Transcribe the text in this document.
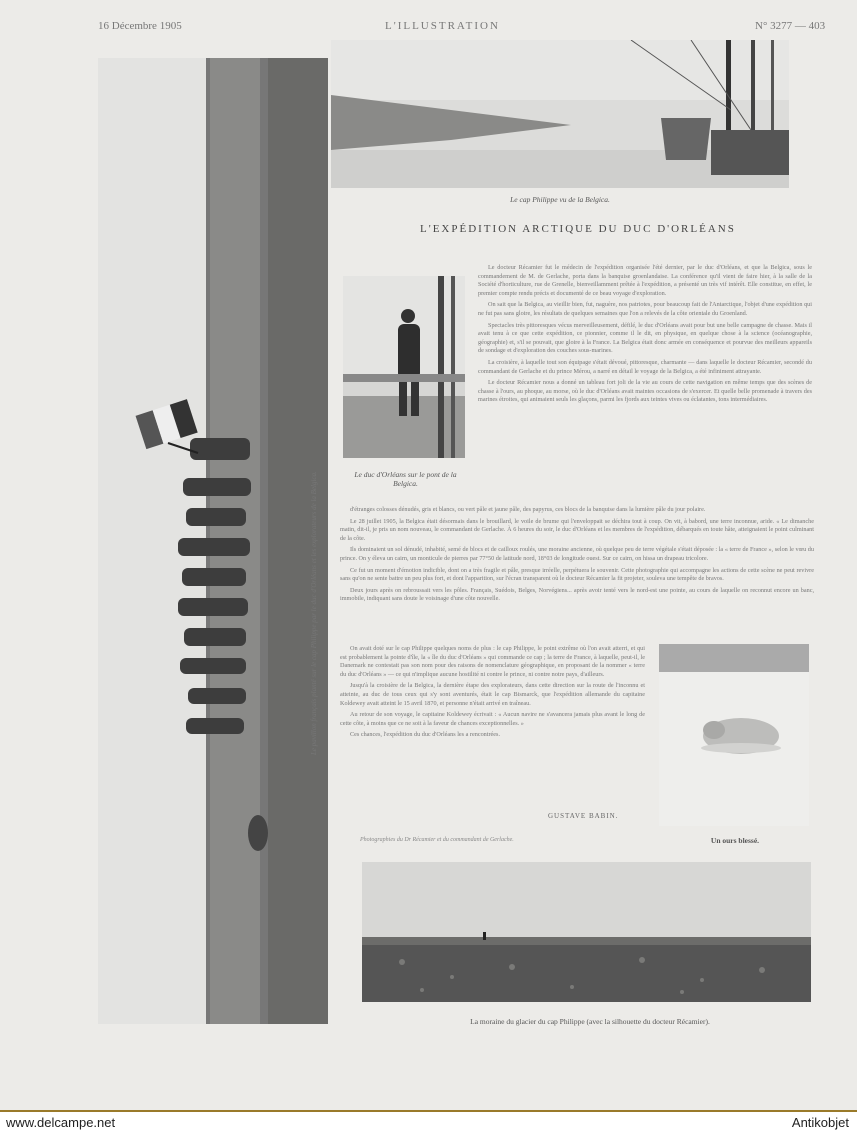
16 Décembre 1905	L'ILLUSTRATION	N° 3277 — 403
Le pavillon français planté sur le cap Philippe par le duc d'Orléans et les explorateurs de la Belgica.
Le cap Philippe vu de la Belgica.
L'EXPÉDITION ARCTIQUE DU DUC D'ORLÉANS
Le duc d'Orléans sur le pont de la Belgica.

Le docteur Récamier fut le médecin de l'expédition organisée l'été dernier, par le duc d'Orléans, et que la Belgica, sous le commandement de M. de Gerlache, porta dans la banquise groenlandaise. La conférence qu'il vient de faire hier, à la salle de la Société d'horticulture, rue de Grenelle, bienveillamment prêtée à l'expédition, a présenté un très vif intérêt. Elle constitue, en effet, le premier compte rendu précis et documenté de ce beau voyage d'exploration.

On sait que la Belgica, au vieillir bien, fut, naguère, nos patriotes, pour beaucoup fait de l'Antarctique, l'objet d'une expédition qui ne fut pas sans gloire, les résultats de quelques semaines que l'on a relevés de la côte orientale du Groenland.

Spectacles très pittoresques vécus merveilleusement, défilé, le duc d'Orléans avait pour but une belle campagne de chasse. Mais il avait tenu à ce que cette expédition, ce pionnier, comme il le dit, en physique, en quelque chose à la science (océanographie, géographie) et, s'il se pouvait, que gloire à la France. La Belgica était donc armée en conséquence et pourvue des meilleurs appareils de sondage et d'exploration des couches sous-marines.

La croisière, à laquelle tout son équipage s'était dévoué, pittoresque, charmante — dans laquelle le docteur Récamier, secondé du commandant de Gerlache et du prince Mérou, a narré en détail le voyage de la Belgica, a été infiniment attrayante.

Le docteur Récamier nous a donné un tableau fort joli de la vie au cours de cette navigation en même temps que des scènes de chasse à l'ours, au phoque, au morse, où le duc d'Orléans avait maintes occasions de s'exercer. Et quelle belle promenade à travers des marines étroites, qui animaient seuls les glaçons, parmi les fjords aux teintes vives ou éclatantes, tons intermédiaires.

d'étranges colosses dénudés, gris et blancs, ou vert pâle et jaune pâle, des papyrus, ces blocs de la banquise dans la lumière pâle du jour polaire.

Le 28 juillet 1905, la Belgica était désormais dans le brouillard, le voile de brume qui l'enveloppait se déchira tout à coup. On vit, à babord, une terre inconnue, aride. « Le dimanche matin, dit-il, je pris un nom nouveau, le commandant de Gerlache. À 6 heures du soir, le duc d'Orléans et les membres de l'expédition, débarqués en toute hâte, atteignaient le point culminant de la côte.

Ils dominaient un sol dénudé, inhabité, semé de blocs et de cailloux roulés, une moraine ancienne, où quelque peu de terre végétale s'était déposée : la « terre de France », selon le vœu du prince. On y éleva un cairn, un monticule de pierres par 77°50 de latitude nord, 18°03 de longitude ouest. Sur ce cairn, on hissa un drapeau tricolore.

Ce fut un moment d'émotion indicible, dont on a très fragile et pâle, presque irréelle, perpétuera le souvenir. Cette photographie qui accompagne les actions de cette scène ne peut revivre sans qu'on ne sente battre un peu plus fort, et dont l'apparition, sur l'écran transparent où le docteur Récamier la fit projeter, souleva une tempête de bravos.

Deux jours après on rebroussait vers les pôles. Français, Suédois, Belges, Norvégiens... après avoir tenté vers le nord-est une pointe, au cours de laquelle on reconnut encore un banc, immobile, indiquant sans doute le voisinage d'une côte nouvelle.

On avait doté sur le cap Philippe quelques noms de plus : le cap Philippe, le point extrême où l'on avait atterri, et qui est probablement la pointe d'île, la « île du duc d'Orléans » qui commande ce cap ; la terre de France, à laquelle, peut-il, le Danemark ne contestait pas son nom pour des raisons de nomenclature géographique, en proposant de la nommer « terre du duc d'Orléans » — ce qui n'implique aucune hostilité ni contre le prince, ni contre notre pays, d'ailleurs.

Jusqu'à la croisière de la Belgica, la dernière étape des explorateurs, dans cette direction sur la route de l'inconnu et atteinte, au duc de tous ceux qui s'y sont aventurés, était le cap Bismarck, que l'expédition allemande du capitaine Koldewey avait atteint le 15 avril 1870, et personne n'était arrivé en traîneau.

Au retour de son voyage, le capitaine Koldewey écrivait : « Aucun navire ne s'avancera jamais plus avant le long de cette côte, à moins que ce ne soit à la faveur de chances exceptionnelles. »

Ces chances, l'expédition du duc d'Orléans les a rencontrées.

GUSTAVE BABIN.
Photographies du Dr Récamier et du commandant de Gerlache.	Un ours blessé.
La moraine du glacier du cap Philippe (avec la silhouette du docteur Récamier).
www.delcampe.net	Antikobjet
